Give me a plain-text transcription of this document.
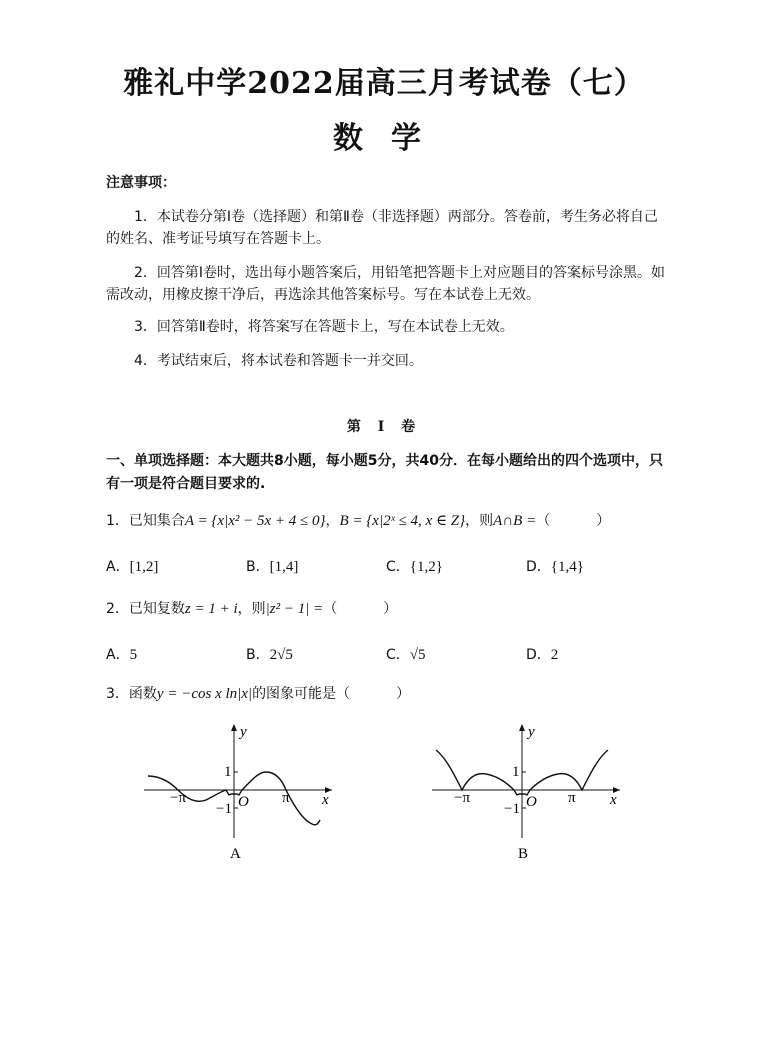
雅礼中学2022届高三月考试卷（七）
数学
注意事项：
1．本试卷分第Ⅰ卷（选择题）和第Ⅱ卷（非选择题）两部分。答卷前，考生务必将自己的姓名、准考证号填写在答题卡上。
2．回答第Ⅰ卷时，选出每小题答案后，用铅笔把答题卡上对应题目的答案标号涂黑。如需改动，用橡皮擦干净后，再选涂其他答案标号。写在本试卷上无效。
3．回答第Ⅱ卷时，将答案写在答题卡上，写在本试卷上无效。
4．考试结束后，将本试卷和答题卡一并交回。
第 Ⅰ 卷
一、单项选择题：本大题共8小题，每小题5分，共40分．在每小题给出的四个选项中，只有一项是符合题目要求的.
1．已知集合A = {x|x² − 5x + 4 ≤ 0}，B = {x|2ˣ ≤ 4, x ∈ Z}，则A∩B =（	）
A．[1,2]	B．[1,4]	C．{1,2}	D．{1,4}
2．已知复数z = 1 + i，则|z² − 1| =（	）
A．5	B．2√5	C．√5	D．2
3．函数y = −cos x ln|x|的图象可能是（	）
y
x
1
−1
π
−π	O
A
y
x
1
−1
π
−π	O
B
